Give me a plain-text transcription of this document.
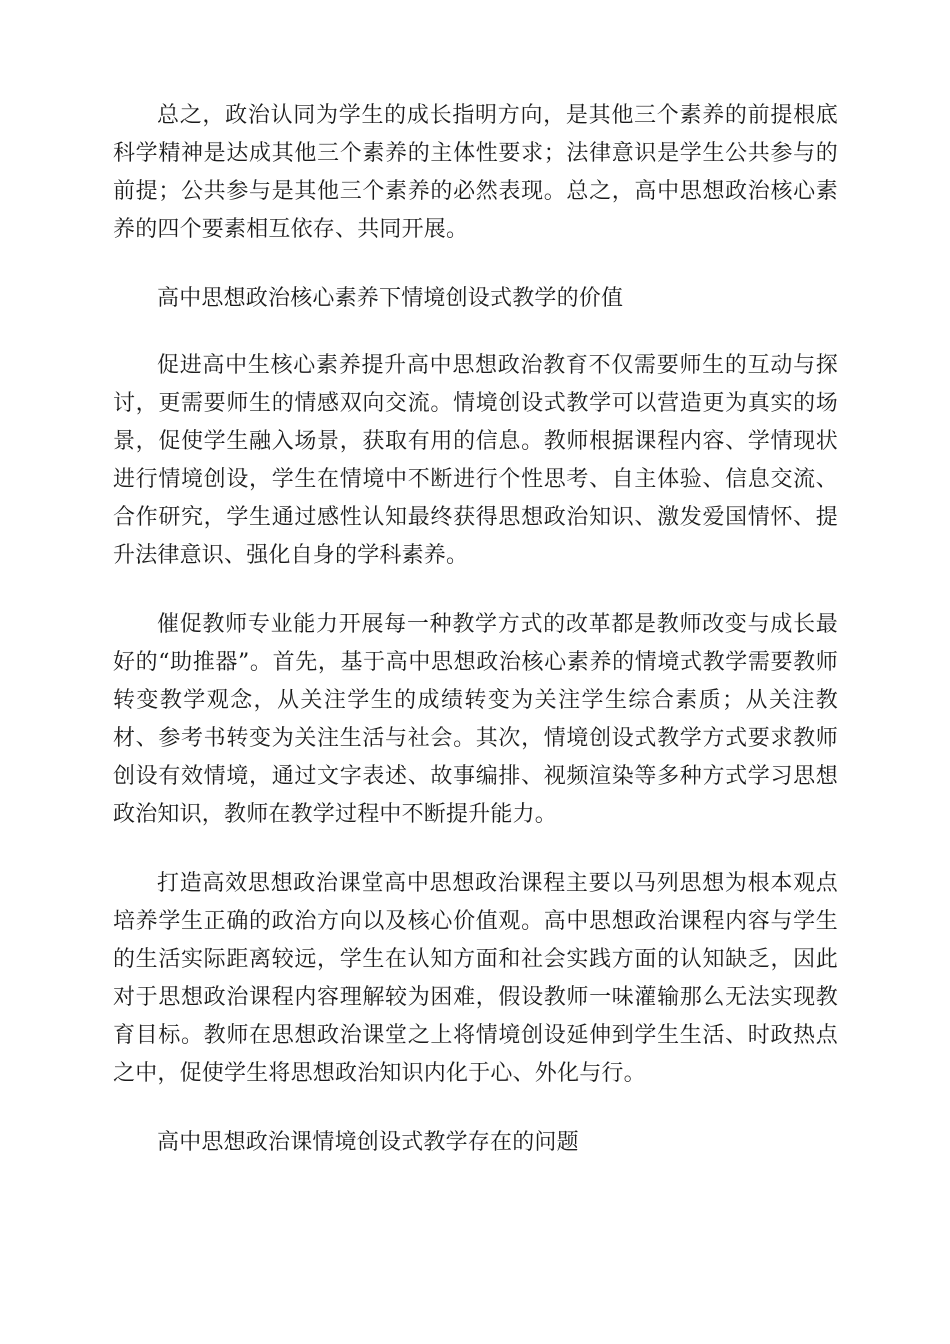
总之，政治认同为学生的成长指明方向，是其他三个素养的前提根底科学精神是达成其他三个素养的主体性要求；法律意识是学生公共参与的前提；公共参与是其他三个素养的必然表现。总之，高中思想政治核心素养的四个要素相互依存、共同开展。

高中思想政治核心素养下情境创设式教学的价值

促进高中生核心素养提升高中思想政治教育不仅需要师生的互动与探讨，更需要师生的情感双向交流。情境创设式教学可以营造更为真实的场景，促使学生融入场景，获取有用的信息。教师根据课程内容、学情现状进行情境创设，学生在情境中不断进行个性思考、自主体验、信息交流、合作研究，学生通过感性认知最终获得思想政治知识、激发爱国情怀、提升法律意识、强化自身的学科素养。

催促教师专业能力开展每一种教学方式的改革都是教师改变与成长最好的“助推器”。首先，基于高中思想政治核心素养的情境式教学需要教师转变教学观念，从关注学生的成绩转变为关注学生综合素质；从关注教材、参考书转变为关注生活与社会。其次，情境创设式教学方式要求教师创设有效情境，通过文字表述、故事编排、视频渲染等多种方式学习思想政治知识，教师在教学过程中不断提升能力。

打造高效思想政治课堂高中思想政治课程主要以马列思想为根本观点培养学生正确的政治方向以及核心价值观。高中思想政治课程内容与学生的生活实际距离较远，学生在认知方面和社会实践方面的认知缺乏，因此对于思想政治课程内容理解较为困难，假设教师一味灌输那么无法实现教育目标。教师在思想政治课堂之上将情境创设延伸到学生生活、时政热点之中，促使学生将思想政治知识内化于心、外化与行。

高中思想政治课情境创设式教学存在的问题
